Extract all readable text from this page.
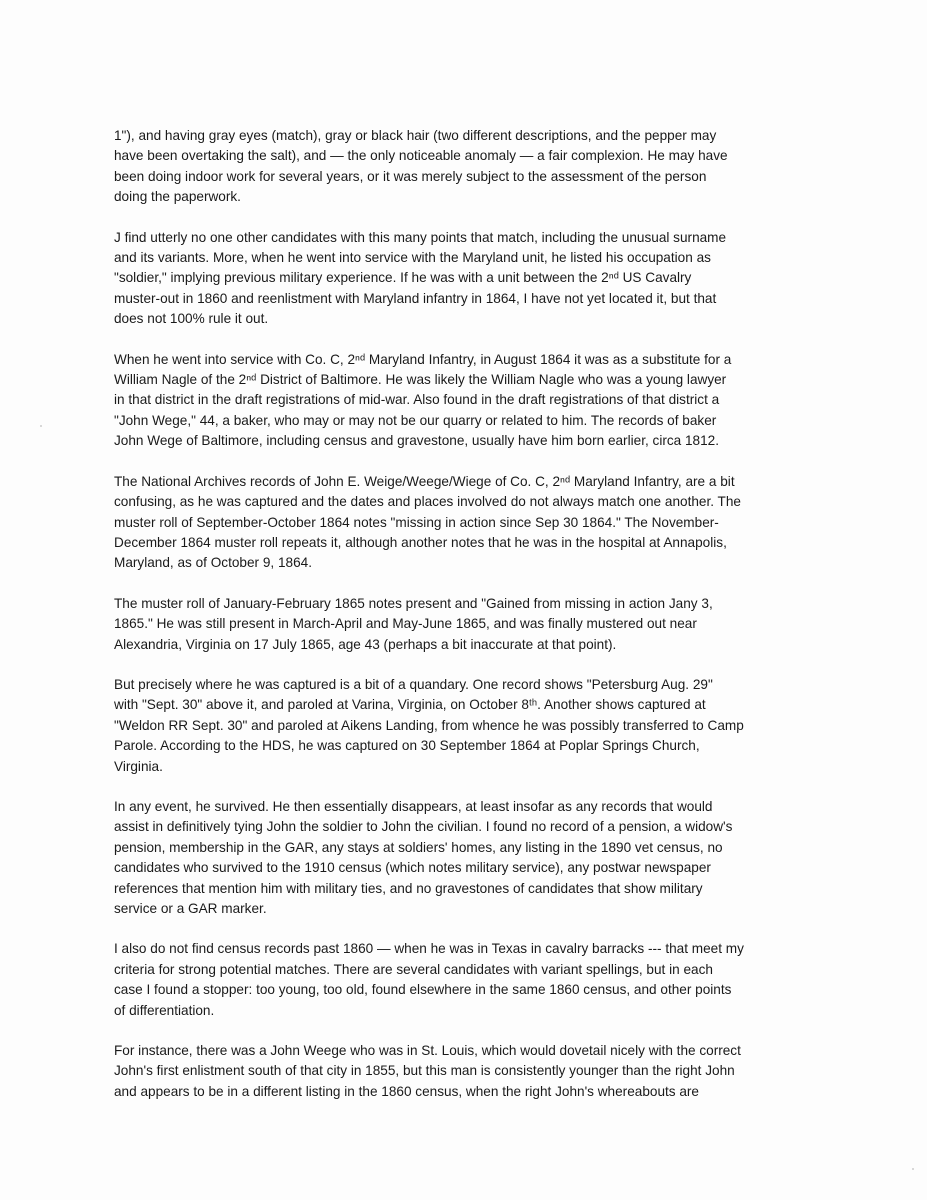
1"), and having gray eyes (match), gray or black hair (two different descriptions, and the pepper may
have been overtaking the salt), and — the only noticeable anomaly — a fair complexion. He may have
been doing indoor work for several years, or it was merely subject to the assessment of the person
doing the paperwork.

J find utterly no one other candidates with this many points that match, including the unusual surname
and its variants. More, when he went into service with the Maryland unit, he listed his occupation as
"soldier," implying previous military experience. If he was with a unit between the 2ⁿᵈ US Cavalry
muster-out in 1860 and reenlistment with Maryland infantry in 1864, I have not yet located it, but that
does not 100% rule it out.

When he went into service with Co. C, 2ⁿᵈ Maryland Infantry, in August 1864 it was as a substitute for a
William Nagle of the 2ⁿᵈ District of Baltimore. He was likely the William Nagle who was a young lawyer
in that district in the draft registrations of mid-war. Also found in the draft registrations of that district a
"John Wege," 44, a baker, who may or may not be our quarry or related to him. The records of baker
John Wege of Baltimore, including census and gravestone, usually have him born earlier, circa 1812.

The National Archives records of John E. Weige/Weege/Wiege of Co. C, 2ⁿᵈ Maryland Infantry, are a bit
confusing, as he was captured and the dates and places involved do not always match one another. The
muster roll of September-October 1864 notes "missing in action since Sep 30 1864." The November-
December 1864 muster roll repeats it, although another notes that he was in the hospital at Annapolis,
Maryland, as of October 9, 1864.

The muster roll of January-February 1865 notes present and "Gained from missing in action Jany 3,
1865." He was still present in March-April and May-June 1865, and was finally mustered out near
Alexandria, Virginia on 17 July 1865, age 43 (perhaps a bit inaccurate at that point).

But precisely where he was captured is a bit of a quandary. One record shows "Petersburg Aug. 29"
with "Sept. 30" above it, and paroled at Varina, Virginia, on October 8ᵗʰ. Another shows captured at
"Weldon RR Sept. 30" and paroled at Aikens Landing, from whence he was possibly transferred to Camp
Parole. According to the HDS, he was captured on 30 September 1864 at Poplar Springs Church,
Virginia.

In any event, he survived. He then essentially disappears, at least insofar as any records that would
assist in definitively tying John the soldier to John the civilian. I found no record of a pension, a widow's
pension, membership in the GAR, any stays at soldiers' homes, any listing in the 1890 vet census, no
candidates who survived to the 1910 census (which notes military service), any postwar newspaper
references that mention him with military ties, and no gravestones of candidates that show military
service or a GAR marker.

I also do not find census records past 1860 — when he was in Texas in cavalry barracks --- that meet my
criteria for strong potential matches. There are several candidates with variant spellings, but in each
case I found a stopper: too young, too old, found elsewhere in the same 1860 census, and other points
of differentiation.

For instance, there was a John Weege who was in St. Louis, which would dovetail nicely with the correct
John's first enlistment south of that city in 1855, but this man is consistently younger than the right John
and appears to be in a different listing in the 1860 census, when the right John's whereabouts are
